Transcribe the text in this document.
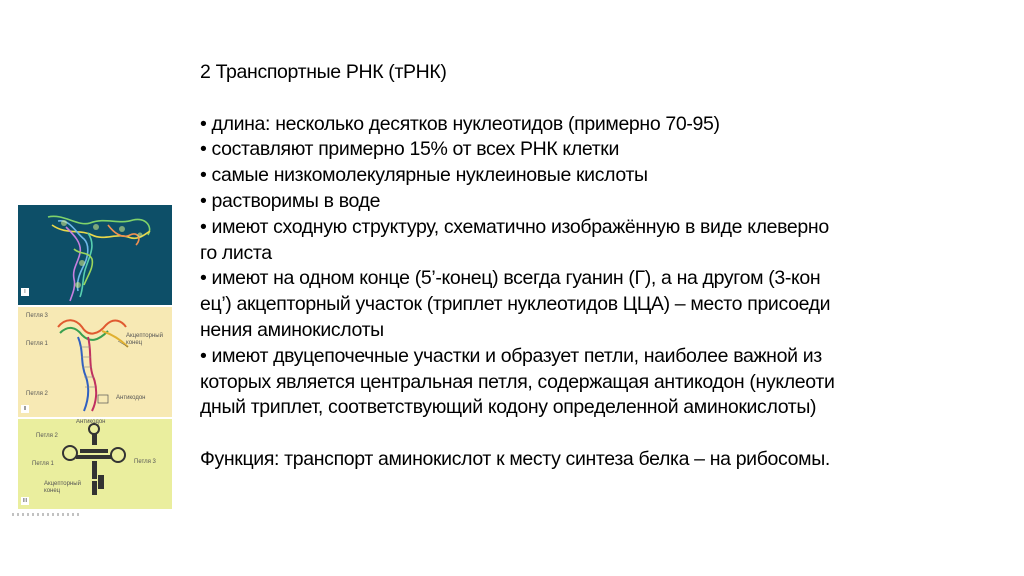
I
Петля 3
Петля 1
Акцепторный конец
Петля 2
Антикодон
II
Антикодон
Петля 2
Петля 1	Петля 3
Акцепторный конец
III
2 Транспортные РНК (тРНК)
• длина: несколько десятков нуклеотидов (примерно 70-95)
• составляют примерно 15% от всех РНК клетки
• самые низкомолекулярные нуклеиновые кислоты
• растворимы в воде
• имеют сходную структуру, схематично изображённую в виде клеверно
го листа
• имеют на одном конце (5’-конец) всегда гуанин (Г), а на другом (3-кон
ец’) акцепторный участок (триплет нуклеотидов ЦЦА) – место присоеди
нения аминокислоты
• имеют двуцепочечные участки и образует петли, наиболее важной из
которых является центральная петля, содержащая антикодон (нуклеоти
дный триплет, соответствующий кодону определенной аминокислоты)
Функция: транспорт аминокислот к месту синтеза белка – на рибосомы.
